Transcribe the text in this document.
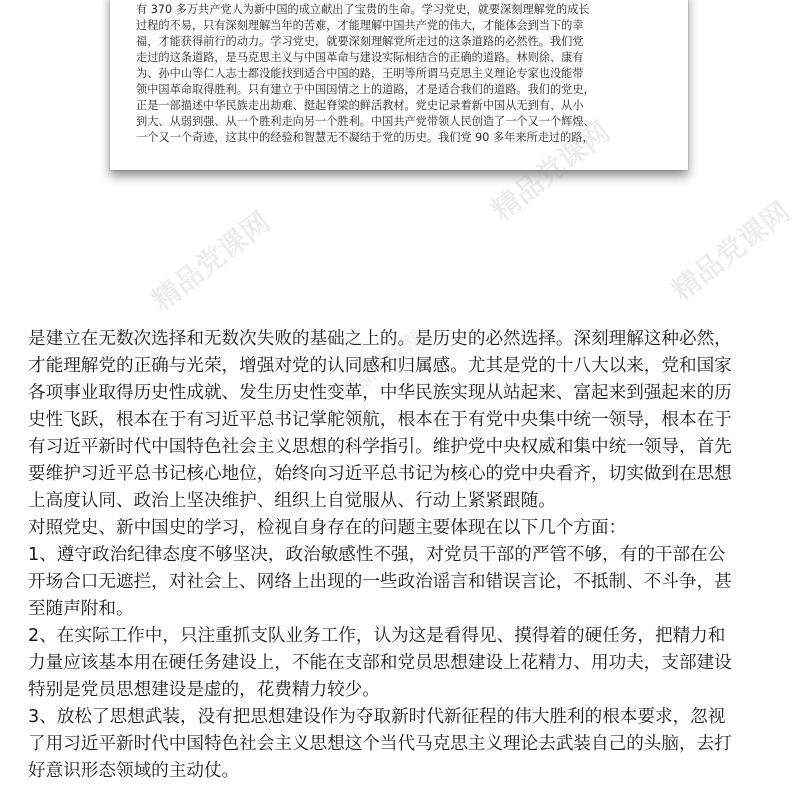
有 370 多万共产党人为新中国的成立献出了宝贵的生命。学习党史，就要深刻理解党的成长
过程的不易，只有深刻理解当年的苦难，才能理解中国共产党的伟大，才能体会到当下的幸
福，才能获得前行的动力。学习党史，就要深刻理解党所走过的这条道路的必然性。我们党
走过的这条道路，是马克思主义与中国革命与建设实际相结合的正确的道路。林则徐、康有
为、孙中山等仁人志士都没能找到适合中国的路，王明等所谓马克思主义理论专家也没能带
领中国革命取得胜利。只有建立于中国国情之上的道路，才是适合我们的道路。我们的党史，
正是一部描述中华民族走出劫难、挺起脊梁的鲜活教材。党史记录着新中国从无到有、从小
到大、从弱到强、从一个胜利走向另一个胜利。中国共产党带领人民创造了一个又一个辉煌、
一个又一个奇迹，这其中的经验和智慧无不凝结于党的历史。我们党 90 多年来所走过的路，
精品党课网
精品党课网
精品党课网
精品党课网
是建立在无数次选择和无数次失败的基础之上的。是历史的必然选择。深刻理解这种必然，
才能理解党的正确与光荣，增强对党的认同感和归属感。尤其是党的十八大以来，党和国家
各项事业取得历史性成就、发生历史性变革，中华民族实现从站起来、富起来到强起来的历
史性飞跃，根本在于有习近平总书记掌舵领航，根本在于有党中央集中统一领导，根本在于
有习近平新时代中国特色社会主义思想的科学指引。维护党中央权威和集中统一领导，首先
要维护习近平总书记核心地位，始终向习近平总书记为核心的党中央看齐，切实做到在思想
上高度认同、政治上坚决维护、组织上自觉服从、行动上紧紧跟随。
对照党史、新中国史的学习，检视自身存在的问题主要体现在以下几个方面：
1、遵守政治纪律态度不够坚决，政治敏感性不强，对党员干部的严管不够，有的干部在公
开场合口无遮拦，对社会上、网络上出现的一些政治谣言和错误言论，不抵制、不斗争，甚
至随声附和。
2、在实际工作中，只注重抓支队业务工作，认为这是看得见、摸得着的硬任务，把精力和
力量应该基本用在硬任务建设上，不能在支部和党员思想建设上花精力、用功夫，支部建设
特别是党员思想建设是虚的，花费精力较少。
3、放松了思想武装，没有把思想建设作为夺取新时代新征程的伟大胜利的根本要求，忽视
了用习近平新时代中国特色社会主义思想这个当代马克思主义理论去武装自己的头脑，去打
好意识形态领域的主动仗。
